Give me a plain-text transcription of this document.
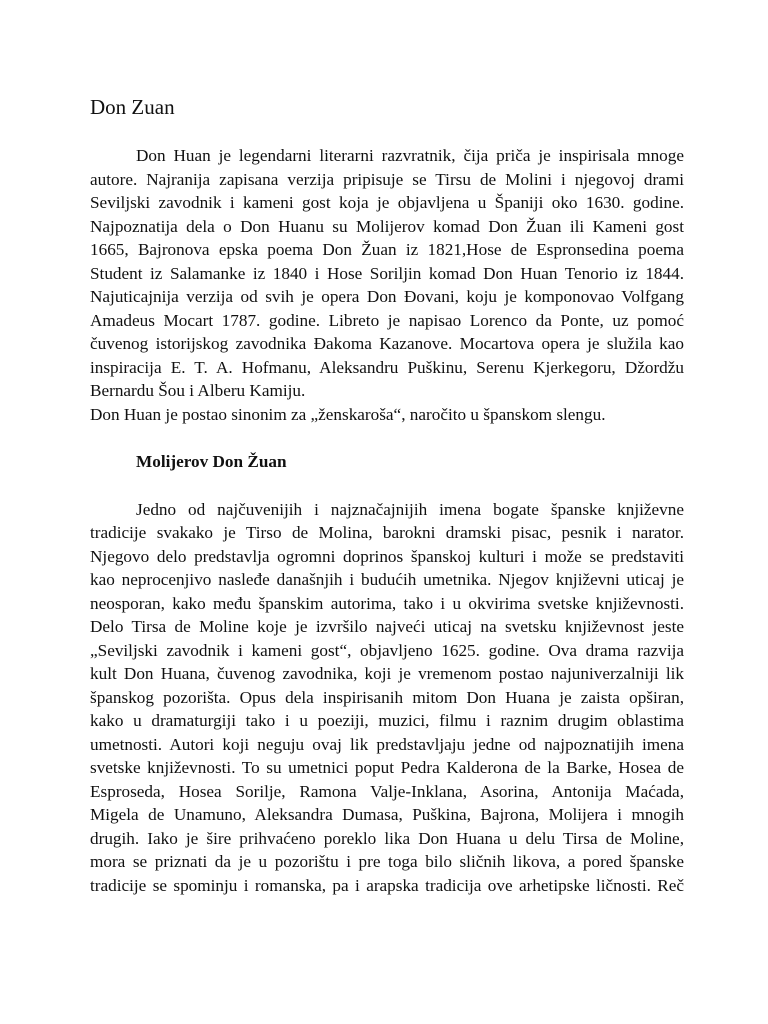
Don Zuan

Don Huan je legendarni literarni razvratnik, čija priča je inspirisala mnoge
autore. Najranija zapisana verzija pripisuje se Tirsu de Molini i njegovoj drami
Seviljski zavodnik i kameni gost koja je objavljena u Španiji oko 1630. godine.
Najpoznatija dela o Don Huanu su Molijerov komad Don Žuan ili Kameni gost
1665, Bajronova epska poema Don Žuan iz 1821,Hose de Espronsedina poema
Student iz Salamanke iz 1840 i Hose Soriljin komad Don Huan Tenorio iz 1844.
Najuticajnija verzija od svih je opera Don Đovani, koju je komponovao Volfgang
Amadeus Mocart 1787. godine. Libreto je napisao Lorenco da Ponte, uz pomoć
čuvenog istorijskog zavodnika Đakoma Kazanove. Mocartova opera je služila kao
inspiracija E. T. A. Hofmanu, Aleksandru Puškinu, Serenu Kjerkegoru, Džordžu
Bernardu Šou i Alberu Kamiju.
Don Huan je postao sinonim za „ženskaroša“, naročito u španskom slengu.

Molijerov Don Žuan

Jedno od najčuvenijih i najznačajnijih imena bogate španske književne
tradicije svakako je Tirso de Molina, barokni dramski pisac, pesnik i narator.
Njegovo delo predstavlja ogromni doprinos španskoj kulturi i može se predstaviti
kao neprocenjivo nasleđe današnjih i budućih umetnika. Njegov književni uticaj je
neosporan, kako među španskim autorima, tako i u okvirima svetske književnosti.
Delo Tirsa de Moline koje je izvršilo najveći uticaj na svetsku književnost jeste
„Seviljski zavodnik i kameni gost“, objavljeno 1625. godine. Ova drama razvija
kult Don Huana, čuvenog zavodnika, koji je vremenom postao najuniverzalniji lik
španskog pozorišta. Opus dela inspirisanih mitom Don Huana je zaista opširan,
kako u dramaturgiji tako i u poeziji, muzici, filmu i raznim drugim oblastima
umetnosti. Autori koji neguju ovaj lik predstavljaju jedne od najpoznatijih imena
svetske književnosti. To su umetnici poput Pedra Kalderona de la Barke, Hosea de
Esproseda, Hosea Sorilje, Ramona Valje-Inklana, Asorina, Antonija Maćada,
Migela de Unamuno, Aleksandra Dumasa, Puškina, Bajrona, Molijera i mnogih
drugih. Iako je šire prihvaćeno poreklo lika Don Huana u delu Tirsa de Moline,
mora se priznati da je u pozorištu i pre toga bilo sličnih likova, a pored španske
tradicije se spominju i romanska, pa i arapska tradicija ove arhetipske ličnosti. Reč
